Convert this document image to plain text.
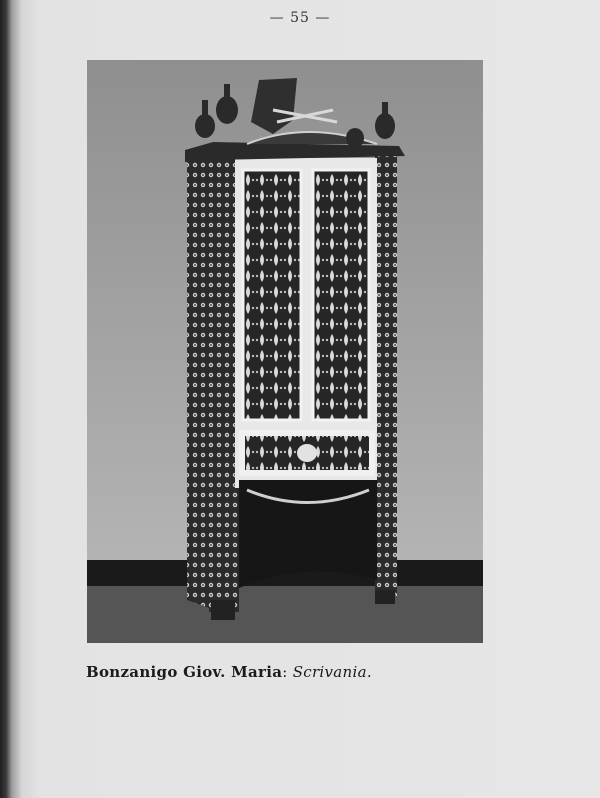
— 55 —
Bonzanigo Giov. Maria: Scrivania.
